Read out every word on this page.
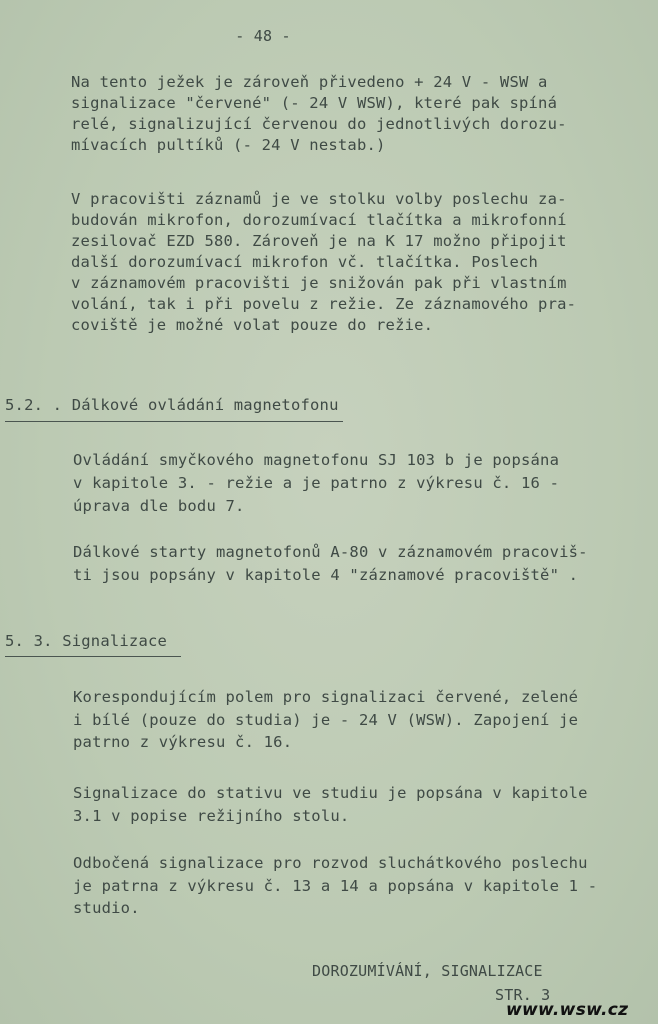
- 48 -

Na tento ježek je zároveň přivedeno + 24 V - WSW a
signalizace "červené" (- 24 V WSW), které pak spíná
relé, signalizující červenou do jednotlivých dorozu-
mívacích pultíků (- 24 V nestab.)

V pracovišti záznamů je ve stolku volby poslechu za-
budován mikrofon, dorozumívací tlačítka a mikrofonní
zesilovač EZD 580. Zároveň je na K 17 možno připojit
další dorozumívací mikrofon vč. tlačítka. Poslech
v záznamovém pracovišti je snižován pak při vlastním
volání, tak i při povelu z režie. Ze záznamového pra-
coviště je možné volat pouze do režie.

5.2. . Dálkové ovládání magnetofonu

Ovládání smyčkového magnetofonu SJ 103 b je popsána
v kapitole 3. - režie a je patrno z výkresu č. 16 -
úprava dle bodu 7.

Dálkové starty magnetofonů A-80 v záznamovém pracoviš-
ti jsou popsány v kapitole 4 "záznamové pracoviště" .

5. 3. Signalizace

Korespondujícím polem pro signalizaci červené, zelené
i bílé (pouze do studia) je - 24 V (WSW). Zapojení je
patrno z výkresu č. 16.

Signalizace do stativu ve studiu je popsána v kapitole
3.1 v popise režijního stolu.

Odbočená signalizace pro rozvod sluchátkového poslechu
je patrna z výkresu č. 13 a 14 a popsána v kapitole 1 -
studio.

DOROZUMÍVÁNÍ, SIGNALIZACE
STR. 3
www.wsw.cz
